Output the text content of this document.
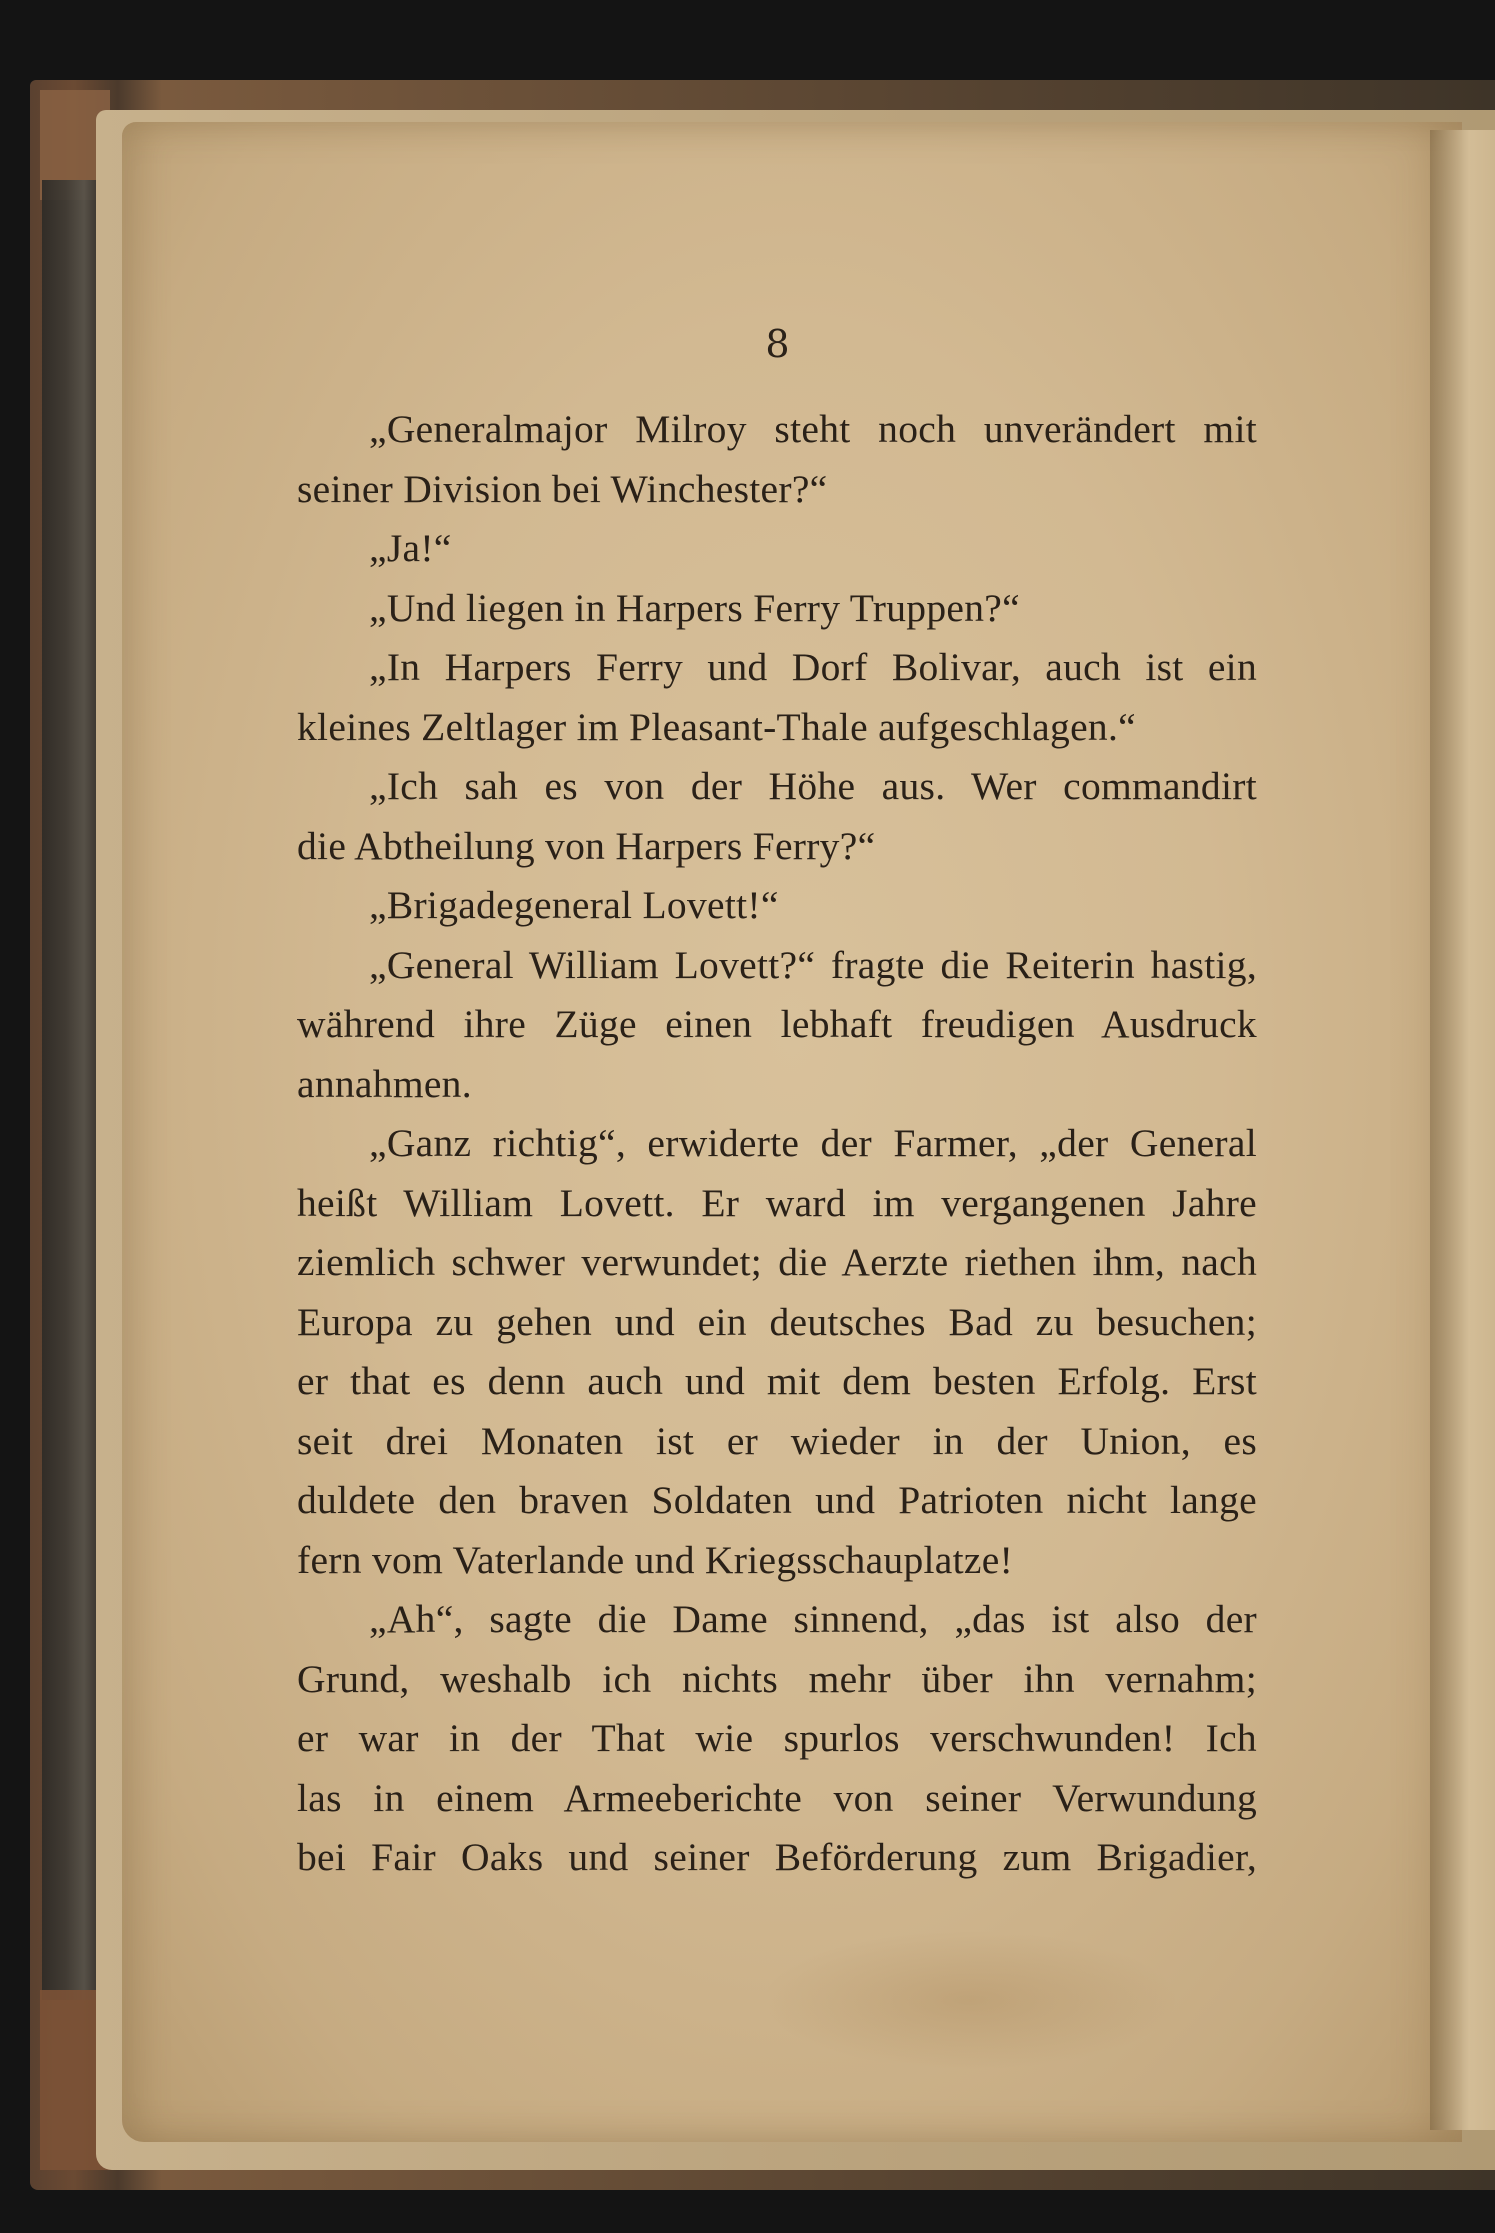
8
„Generalmajor Milroy steht noch unverändert mit
seiner Division bei Winchester?“
„Ja!“
„Und liegen in Harpers Ferry Truppen?“
„In Harpers Ferry und Dorf Bolivar, auch ist ein
kleines Zeltlager im Pleasant-Thale aufgeschlagen.“
„Ich sah es von der Höhe aus. Wer commandirt
die Abtheilung von Harpers Ferry?“
„Brigadegeneral Lovett!“
„General William Lovett?“ fragte die Reiterin hastig,
während ihre Züge einen lebhaft freudigen Ausdruck
annahmen.
„Ganz richtig“, erwiderte der Farmer, „der General
heißt William Lovett. Er ward im vergangenen Jahre
ziemlich schwer verwundet; die Aerzte riethen ihm, nach
Europa zu gehen und ein deutsches Bad zu besuchen;
er that es denn auch und mit dem besten Erfolg. Erst
seit drei Monaten ist er wieder in der Union, es
duldete den braven Soldaten und Patrioten nicht lange
fern vom Vaterlande und Kriegsschauplatze!
„Ah“, sagte die Dame sinnend, „das ist also der
Grund, weshalb ich nichts mehr über ihn vernahm;
er war in der That wie spurlos verschwunden! Ich
las in einem Armeeberichte von seiner Verwundung
bei Fair Oaks und seiner Beförderung zum Brigadier,
